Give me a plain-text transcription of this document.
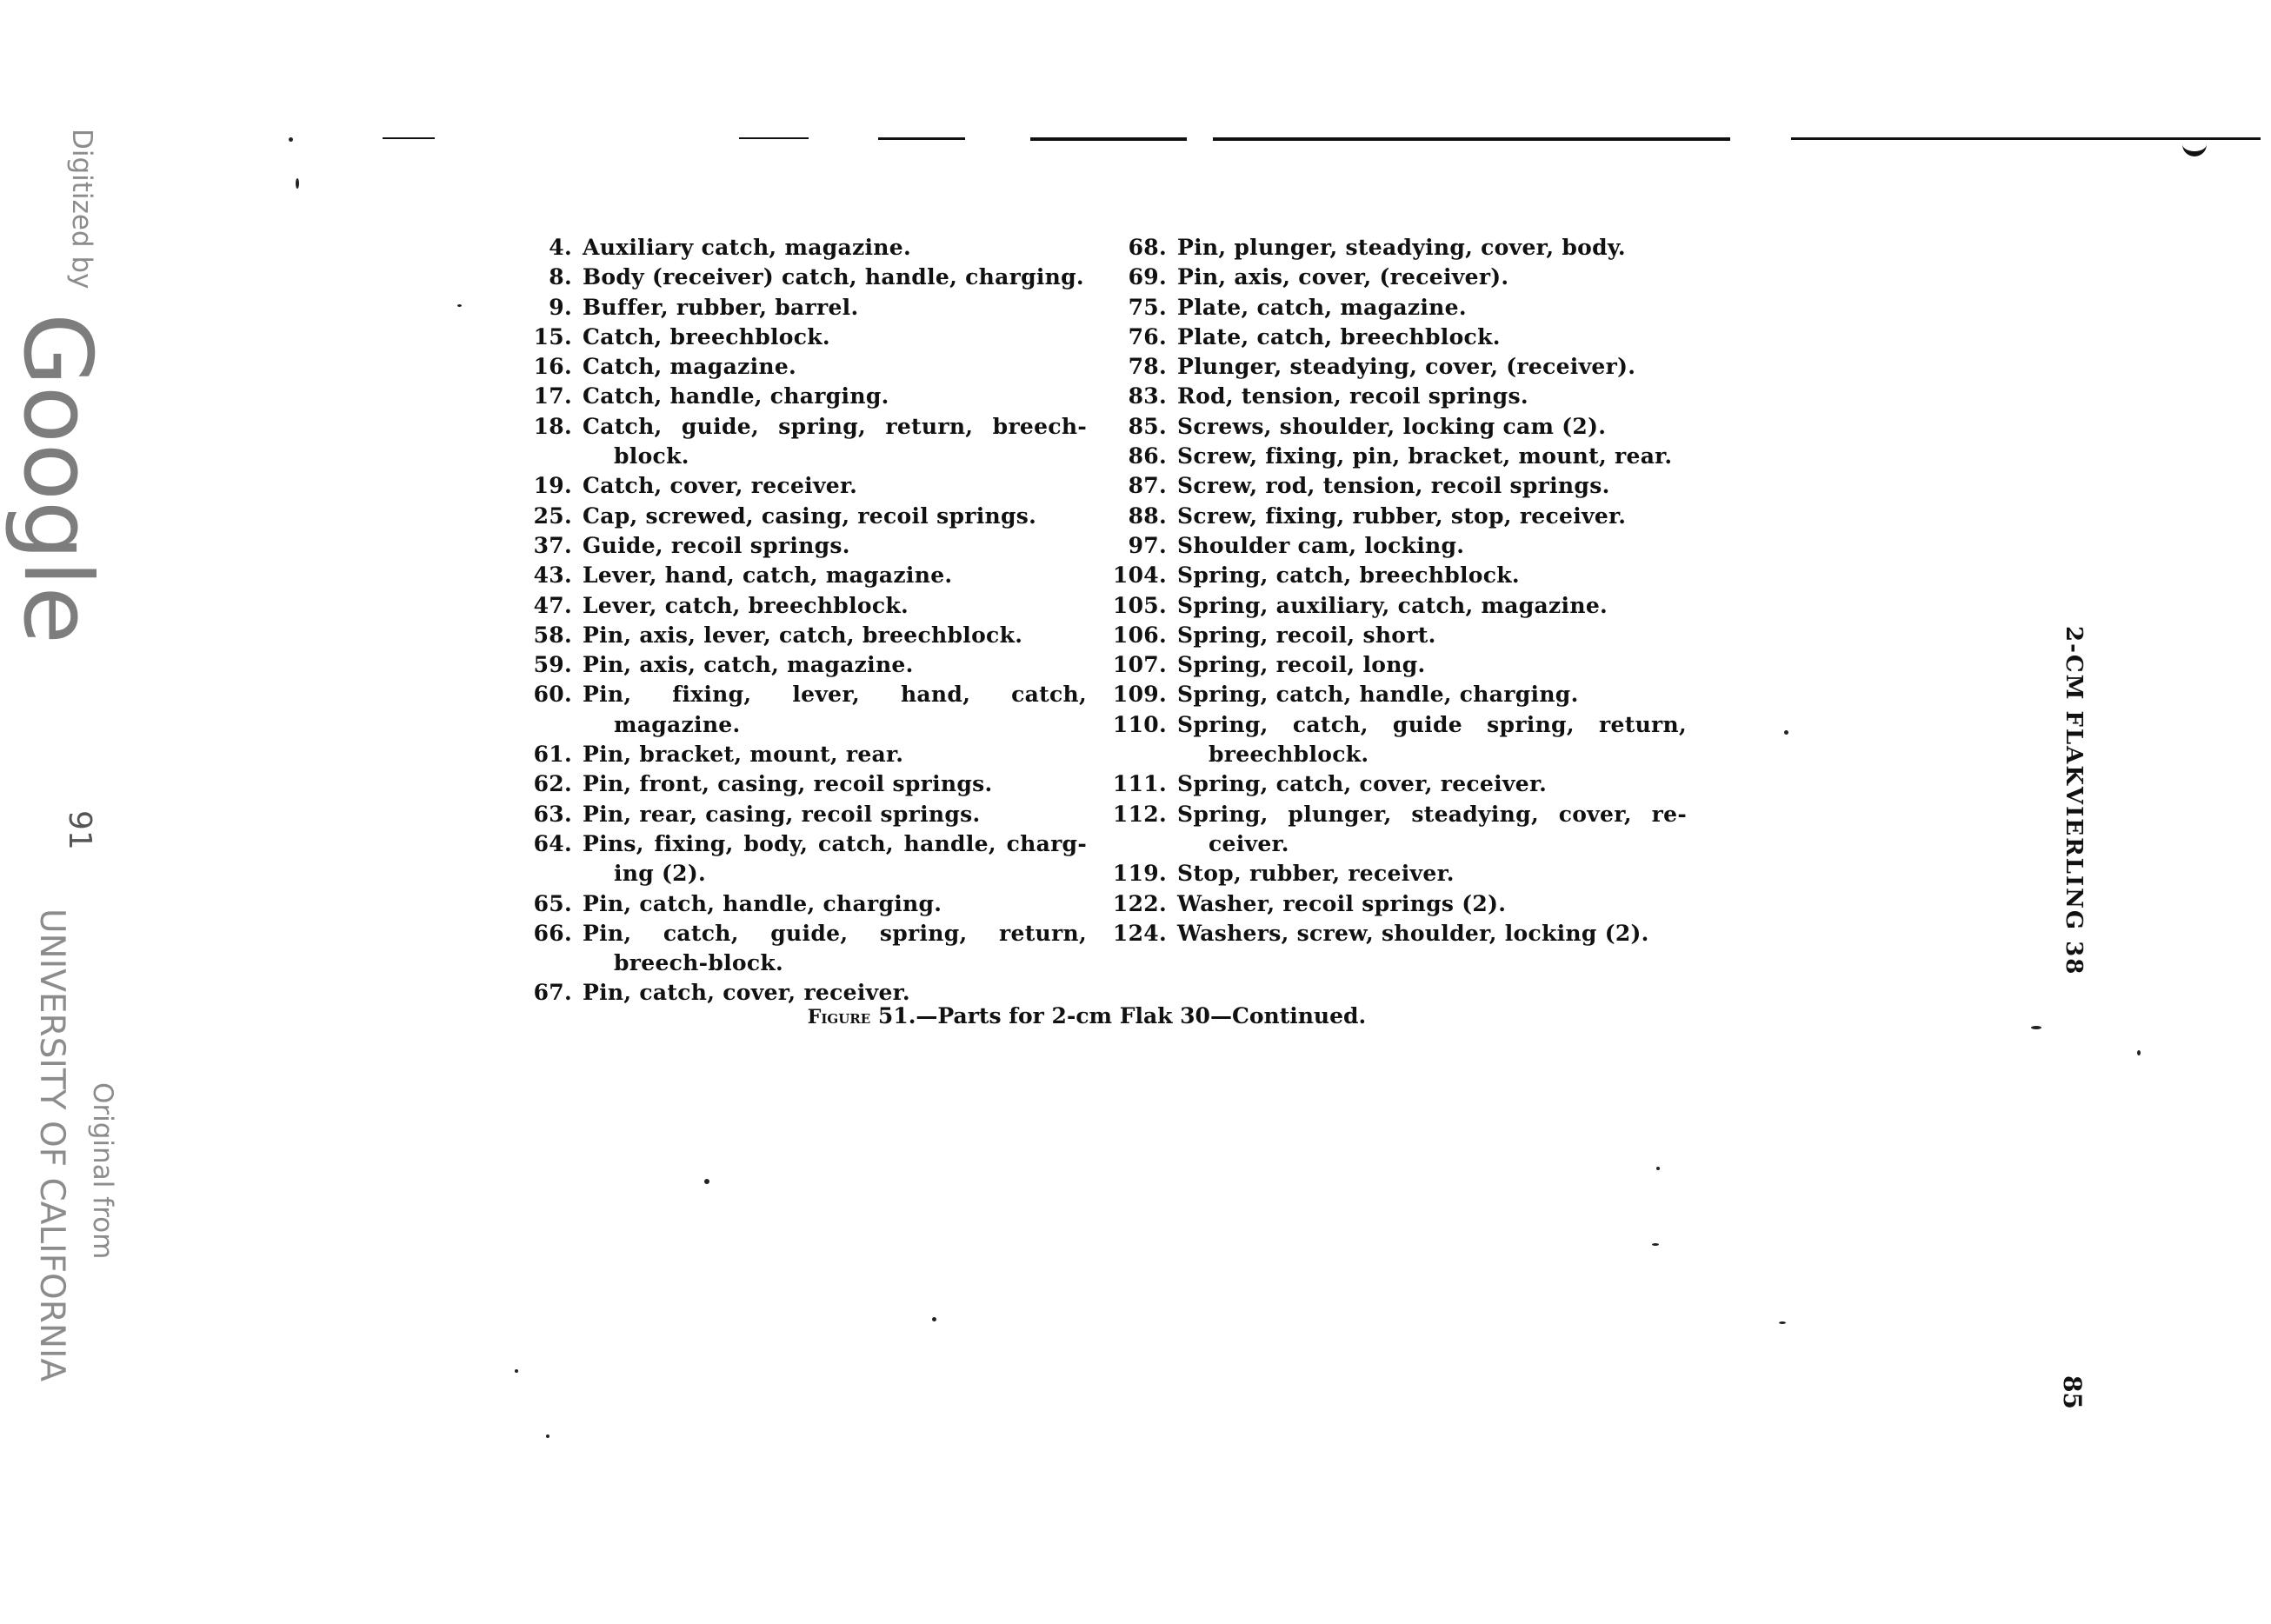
Digitized by
Google
91
Original from
UNIVERSITY OF CALIFORNIA
4. Auxiliary catch, magazine.
8. Body (receiver) catch, handle, charging.
9. Buffer, rubber, barrel.
15. Catch, breechblock.
16. Catch, magazine.
17. Catch, handle, charging.
18. Catch, guide, spring, return, breech-block.
19. Catch, cover, receiver.
25. Cap, screwed, casing, recoil springs.
37. Guide, recoil springs.
43. Lever, hand, catch, magazine.
47. Lever, catch, breechblock.
58. Pin, axis, lever, catch, breechblock.
59. Pin, axis, catch, magazine.
60. Pin, fixing, lever, hand, catch, magazine.
61. Pin, bracket, mount, rear.
62. Pin, front, casing, recoil springs.
63. Pin, rear, casing, recoil springs.
64. Pins, fixing, body, catch, handle, charg-ing (2).
65. Pin, catch, handle, charging.
66. Pin, catch, guide, spring, return, breech-block.
67. Pin, catch, cover, receiver.
68. Pin, plunger, steadying, cover, body.
69. Pin, axis, cover, (receiver).
75. Plate, catch, magazine.
76. Plate, catch, breechblock.
78. Plunger, steadying, cover, (receiver).
83. Rod, tension, recoil springs.
85. Screws, shoulder, locking cam (2).
86. Screw, fixing, pin, bracket, mount, rear.
87. Screw, rod, tension, recoil springs.
88. Screw, fixing, rubber, stop, receiver.
97. Shoulder cam, locking.
104. Spring, catch, breechblock.
105. Spring, auxiliary, catch, magazine.
106. Spring, recoil, short.
107. Spring, recoil, long.
109. Spring, catch, handle, charging.
110. Spring, catch, guide spring, return, breechblock.
111. Spring, catch, cover, receiver.
112. Spring, plunger, steadying, cover, re-ceiver.
119. Stop, rubber, receiver.
122. Washer, recoil springs (2).
124. Washers, screw, shoulder, locking (2).
Figure 51.—Parts for 2-cm Flak 30—Continued.
2-CM FLAKVIERLING 38
85
